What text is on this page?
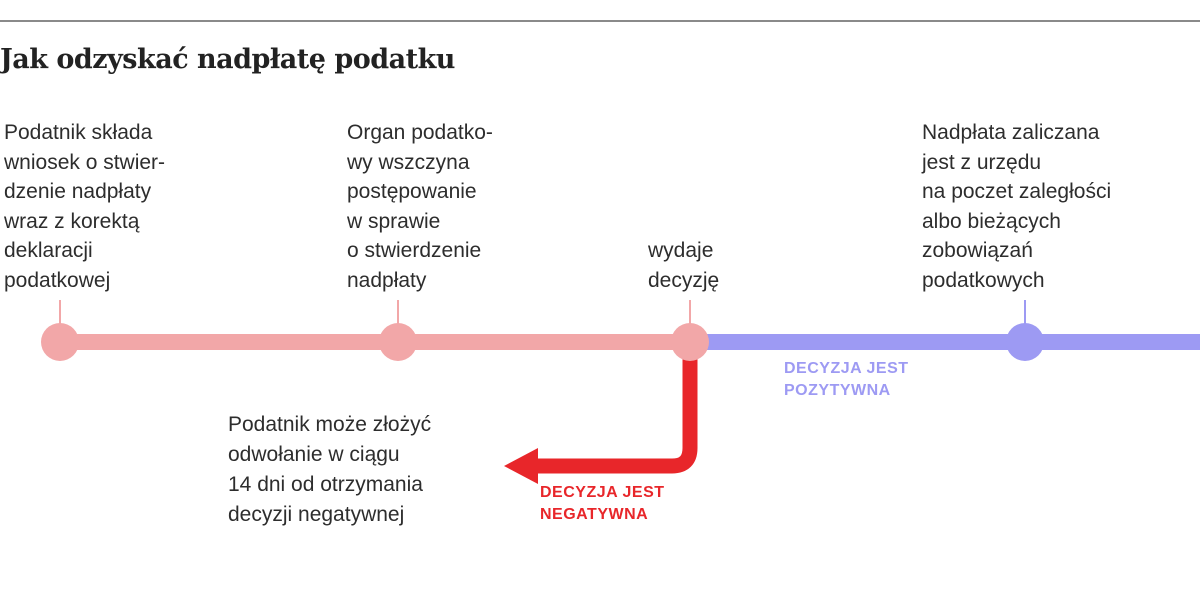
Jak odzyskać nadpłatę podatku

Podatnik składa
wniosek o stwier-
dzenie nadpłaty
wraz z korektą
deklaracji
podatkowej

Organ podatko-
wy wszczyna
postępowanie
w sprawie
o stwierdzenie
nadpłaty

wydaje
decyzję

Nadpłata zaliczana
jest z urzędu
na poczet zaległości
albo bieżących
zobowiązań
podatkowych

Podatnik może złożyć
odwołanie w ciągu
14 dni od otrzymania
decyzji negatywnej

DECYZJA JEST
POZYTYWNA

DECYZJA JEST
NEGATYWNA
